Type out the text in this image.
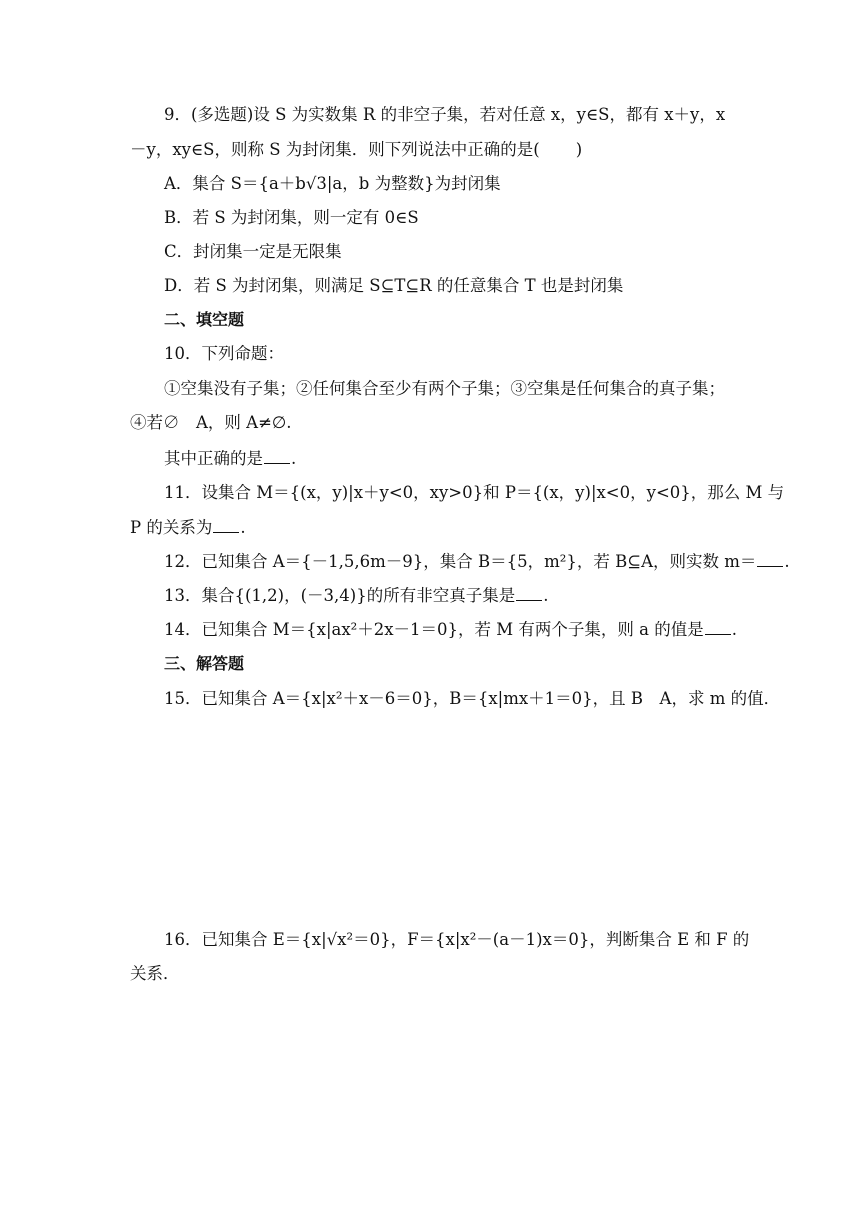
9．(多选题)设 S 为实数集 R 的非空子集，若对任意 x，y∈S，都有 x＋y，x
－y，xy∈S，则称 S 为封闭集．则下列说法中正确的是( )
A．集合 S＝{a＋b√3|a，b 为整数}为封闭集
B．若 S 为封闭集，则一定有 0∈S
C．封闭集一定是无限集
D．若 S 为封闭集，则满足 S⊆T⊆R 的任意集合 T 也是封闭集
二、填空题
10．下列命题：
①空集没有子集；②任何集合至少有两个子集；③空集是任何集合的真子集；
④若∅　A，则 A≠∅.
其中正确的是 .
11．设集合 M＝{(x，y)|x＋y<0，xy>0}和 P＝{(x，y)|x<0，y<0}，那么 M 与
P 的关系为 .
12．已知集合 A＝{－1,5,6m－9}，集合 B＝{5，m²}，若 B⊆A，则实数 m＝ .
13．集合{(1,2)，(－3,4)}的所有非空真子集是 .
14．已知集合 M＝{x|ax²＋2x－1＝0}，若 M 有两个子集，则 a 的值是 .
三、解答题
15．已知集合 A＝{x|x²＋x－6＝0}，B＝{x|mx＋1＝0}，且 B　A，求 m 的值．
16．已知集合 E＝{x|√x²＝0}，F＝{x|x²－(a－1)x＝0}，判断集合 E 和 F 的
关系．
